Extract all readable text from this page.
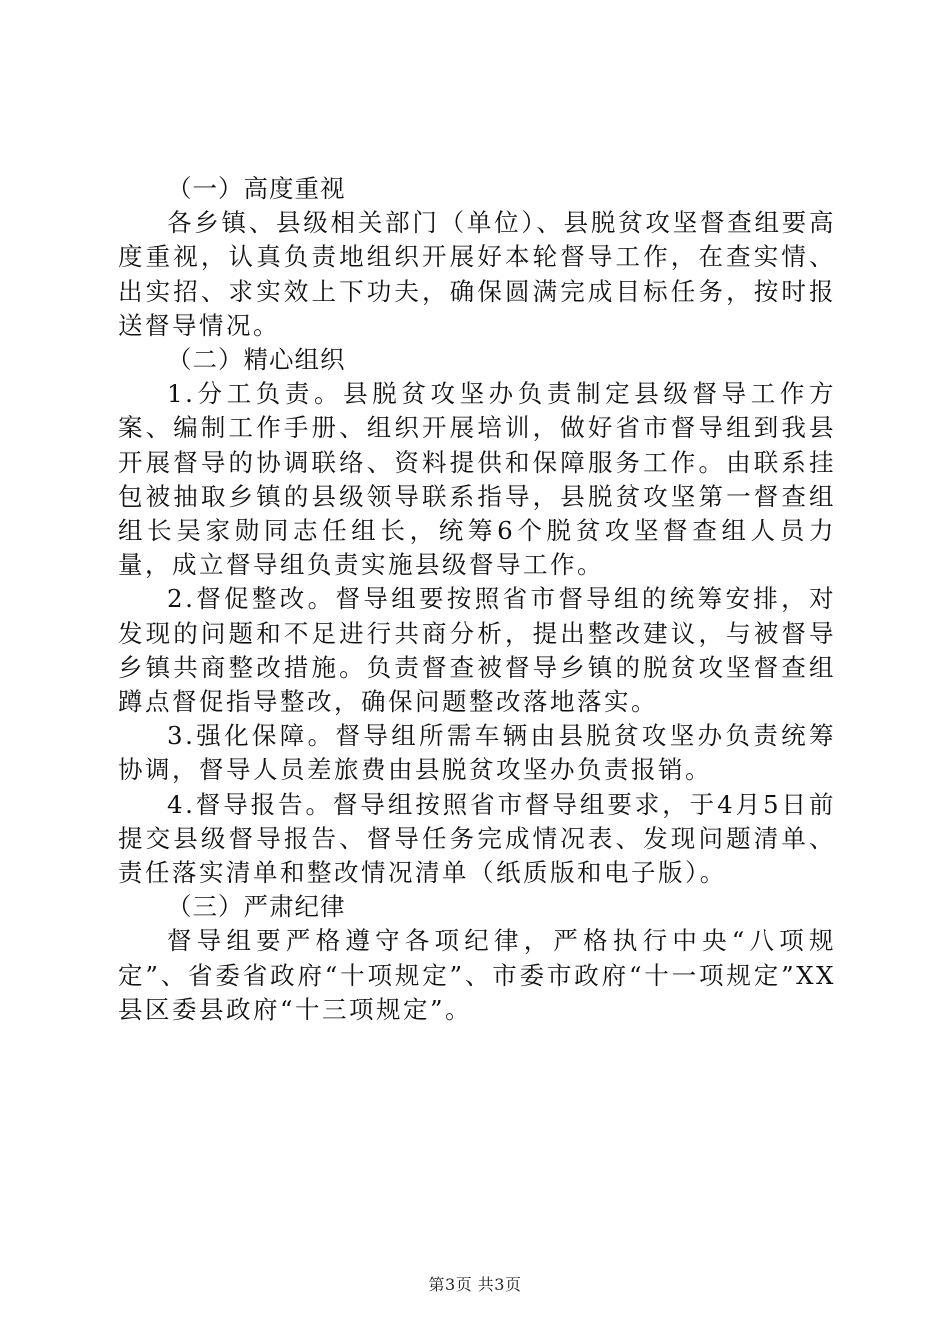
（一）高度重视

各乡镇、县级相关部门（单位）、县脱贫攻坚督查组要高度重视，认真负责地组织开展好本轮督导工作，在查实情、出实招、求实效上下功夫，确保圆满完成目标任务，按时报送督导情况。

（二）精心组织

1.分工负责。县脱贫攻坚办负责制定县级督导工作方案、编制工作手册、组织开展培训，做好省市督导组到我县开展督导的协调联络、资料提供和保障服务工作。由联系挂包被抽取乡镇的县级领导联系指导，县脱贫攻坚第一督查组组长吴家勋同志任组长，统筹6个脱贫攻坚督查组人员力量，成立督导组负责实施县级督导工作。

2.督促整改。督导组要按照省市督导组的统筹安排，对发现的问题和不足进行共商分析，提出整改建议，与被督导乡镇共商整改措施。负责督查被督导乡镇的脱贫攻坚督查组蹲点督促指导整改，确保问题整改落地落实。

3.强化保障。督导组所需车辆由县脱贫攻坚办负责统筹协调，督导人员差旅费由县脱贫攻坚办负责报销。

4.督导报告。督导组按照省市督导组要求，于4月5日前提交县级督导报告、督导任务完成情况表、发现问题清单、责任落实清单和整改情况清单（纸质版和电子版）。

（三）严肃纪律

督导组要严格遵守各项纪律，严格执行中央“八项规定”、省委省政府“十项规定”、市委市政府“十一项规定”XX县区委县政府“十三项规定”。

第3页 共3页
